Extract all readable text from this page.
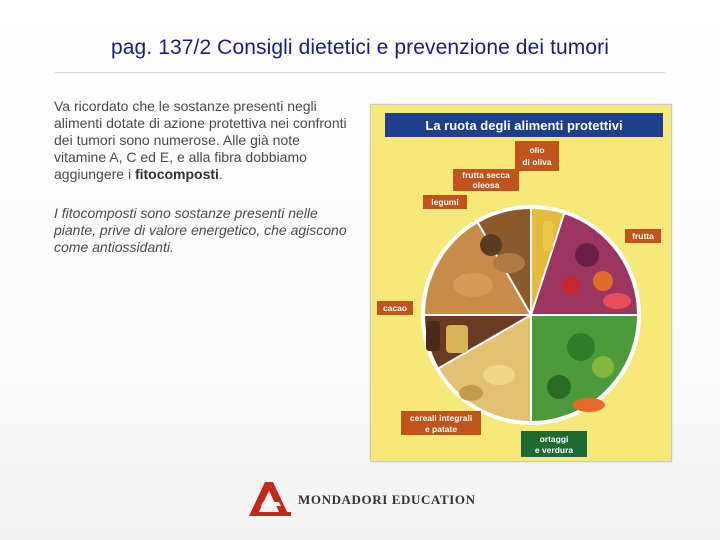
pag. 137/2 Consigli dietetici e prevenzione dei tumori

Va ricordato che le sostanze presenti negli alimenti dotate di azione protettiva nei confronti dei tumori sono numerose. Alle già note vitamine A, C ed E, e alla fibra dobbiamo aggiungere i fitocomposti.

I fitocomposti sono sostanze presenti nelle piante, prive di valore energetico, che agiscono come antiossidanti.

La ruota degli alimenti protettivi
olio
di oliva
frutta secca
oleosa
legumi
frutta
cacao
cereali integrali
e patate
ortaggi
e verdura
MONDADORI EDUCATION
